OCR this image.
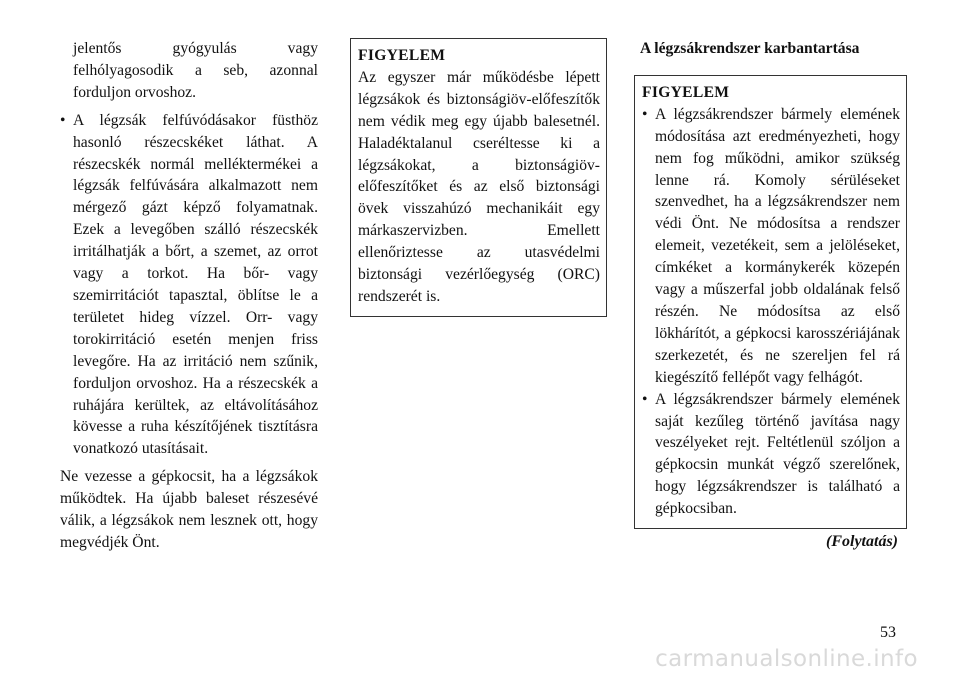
jelentős gyógyulás vagy felhólyagosodik a seb, azonnal forduljon orvoshoz.

• A légzsák felfúvódásakor füsthöz hasonló részecskéket láthat. A részecskék normál melléktermékei a légzsák felfúvására alkalmazott nem mérgező gázt képző folyamatnak. Ezek a levegőben szálló részecskék irritálhatják a bőrt, a szemet, az orrot vagy a torkot. Ha bőr- vagy szemirritációt tapasztal, öblítse le a területet hideg vízzel. Orr- vagy torokirritáció esetén menjen friss levegőre. Ha az irritáció nem szűnik, forduljon orvoshoz. Ha a részecskék a ruhájára kerültek, az eltávolításához kövesse a ruha készítőjének tisztításra vonatkozó utasításait.

Ne vezesse a gépkocsit, ha a légzsákok működtek. Ha újabb baleset részesévé válik, a légzsákok nem lesznek ott, hogy megvédjék Önt.

FIGYELEM

Az egyszer már működésbe lépett légzsákok és biztonságiöv-előfeszítők nem védik meg egy újabb balesetnél. Haladéktalanul cseréltesse ki a légzsákokat, a biztonságiöv-előfeszítőket és az első biztonsági övek visszahúzó mechanikáit egy márkaszervizben. Emellett ellenőriztesse az utasvédelmi biztonsági vezérlőegység (ORC) rendszerét is.

A légzsákrendszer karbantartása
FIGYELEM

• A légzsákrendszer bármely elemének módosítása azt eredményezheti, hogy nem fog működni, amikor szükség lenne rá. Komoly sérüléseket szenvedhet, ha a légzsákrendszer nem védi Önt. Ne módosítsa a rendszer elemeit, vezetékeit, sem a jelöléseket, címkéket a kormánykerék közepén vagy a műszerfal jobb oldalának felső részén. Ne módosítsa az első lökhárítót, a gépkocsi karosszériájának szerkezetét, és ne szereljen fel rá kiegészítő fellépőt vagy felhágót.

• A légzsákrendszer bármely elemének saját kezűleg történő javítása nagy veszélyeket rejt. Feltétlenül szóljon a gépkocsin munkát végző szerelőnek, hogy légzsákrendszer is található a gépkocsiban.

(Folytatás)
53
carmanualsonline.info
